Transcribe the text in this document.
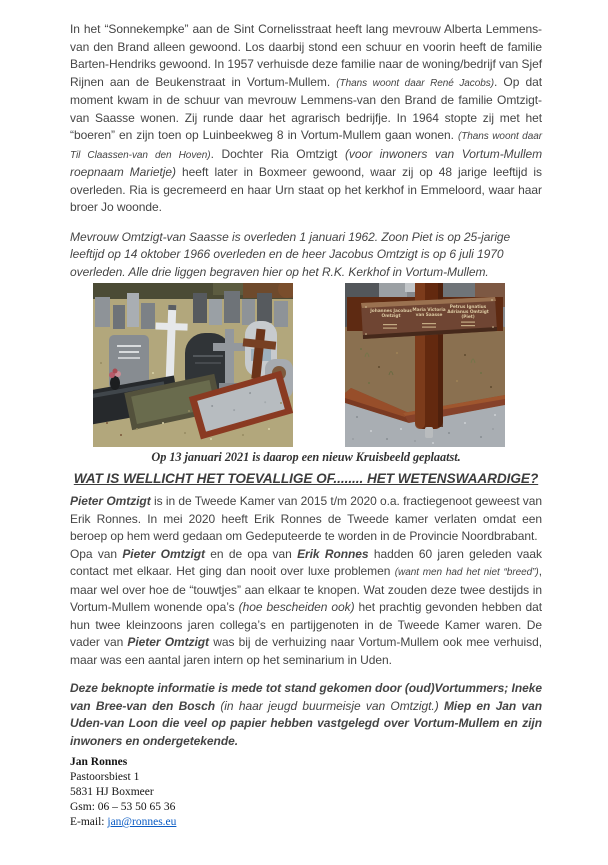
In het “Sonnekempke” aan de Sint Cornelisstraat heeft lang mevrouw Alberta Lemmens- van den Brand alleen gewoond. Los daarbij stond een schuur en voorin heeft de familie Barten-Hendriks gewoond. In 1957 verhuisde deze familie naar de woning/bedrijf van Sjef Rijnen aan de Beukenstraat in Vortum-Mullem. (Thans woont daar René Jacobs). Op dat moment kwam in de schuur van mevrouw Lemmens-van den Brand de familie Omtzigt-van Saasse wonen. Zij runde daar het agrarisch bedrijfje. In 1964 stopte zij met het “boeren” en zijn toen op Luinbeekweg 8 in Vortum-Mullem gaan wonen. (Thans woont daar Til Claassen-van den Hoven). Dochter Ria Omtzigt (voor inwoners van Vortum-Mullem roepnaam Marietje) heeft later in Boxmeer gewoond, waar zij op 48 jarige leeftijd is overleden. Ria is gecremeerd en haar Urn staat op het kerkhof in Emmeloord, waar haar broer Jo woonde.

Mevrouw Omtzigt-van Saasse is overleden 1 januari 1962. Zoon Piet is op 25-jarige leeftijd op 14 oktober 1966 overleden en de heer Jacobus Omtzigt is op 6 juli 1970 overleden. Alle drie liggen begraven hier op het R.K. Kerkhof in Vortum-Mullem.

Johannes Jacobus
Omtzigt
Maria Victoria
van Saasse
Petrus Ignatius
Adrianus Omtzigt
(Piet)
Op 13 januari 2021 is daarop een nieuw Kruisbeeld geplaatst.
WAT IS WELLICHT HET TOEVALLIGE OF........ HET WETENSWAARDIGE?

Pieter Omtzigt is in de Tweede Kamer van 2015 t/m 2020 o.a. fractiegenoot geweest van Erik Ronnes. In mei 2020 heeft Erik Ronnes de Tweede kamer verlaten omdat een beroep op hem werd gedaan om Gedeputeerde te worden in de Provincie Noordbrabant.

Opa van Pieter Omtzigt en de opa van Erik Ronnes hadden 60 jaren geleden vaak contact met elkaar. Het ging dan nooit over luxe problemen (want men had het niet “breed”), maar wel over hoe de “touwtjes” aan elkaar te knopen. Wat zouden deze twee destijds in Vortum-Mullem wonende opa’s (hoe bescheiden ook) het prachtig gevonden hebben dat hun twee kleinzoons jaren collega’s en partijgenoten in de Tweede Kamer waren. De vader van Pieter Omtzigt was bij de verhuizing naar Vortum-Mullem ook mee verhuisd, maar was een aantal jaren intern op het seminarium in Uden.

Deze beknopte informatie is mede tot stand gekomen door (oud)Vortummers; Ineke van Bree-van den Bosch (in haar jeugd buurmeisje van Omtzigt.) Miep en Jan van Uden-van Loon die veel op papier hebben vastgelegd over Vortum-Mullem en zijn inwoners en ondergetekende.

Jan Ronnes
Pastoorsbiest 1
5831 HJ Boxmeer
Gsm: 06 – 53 50 65 36
E-mail: jan@ronnes.eu
